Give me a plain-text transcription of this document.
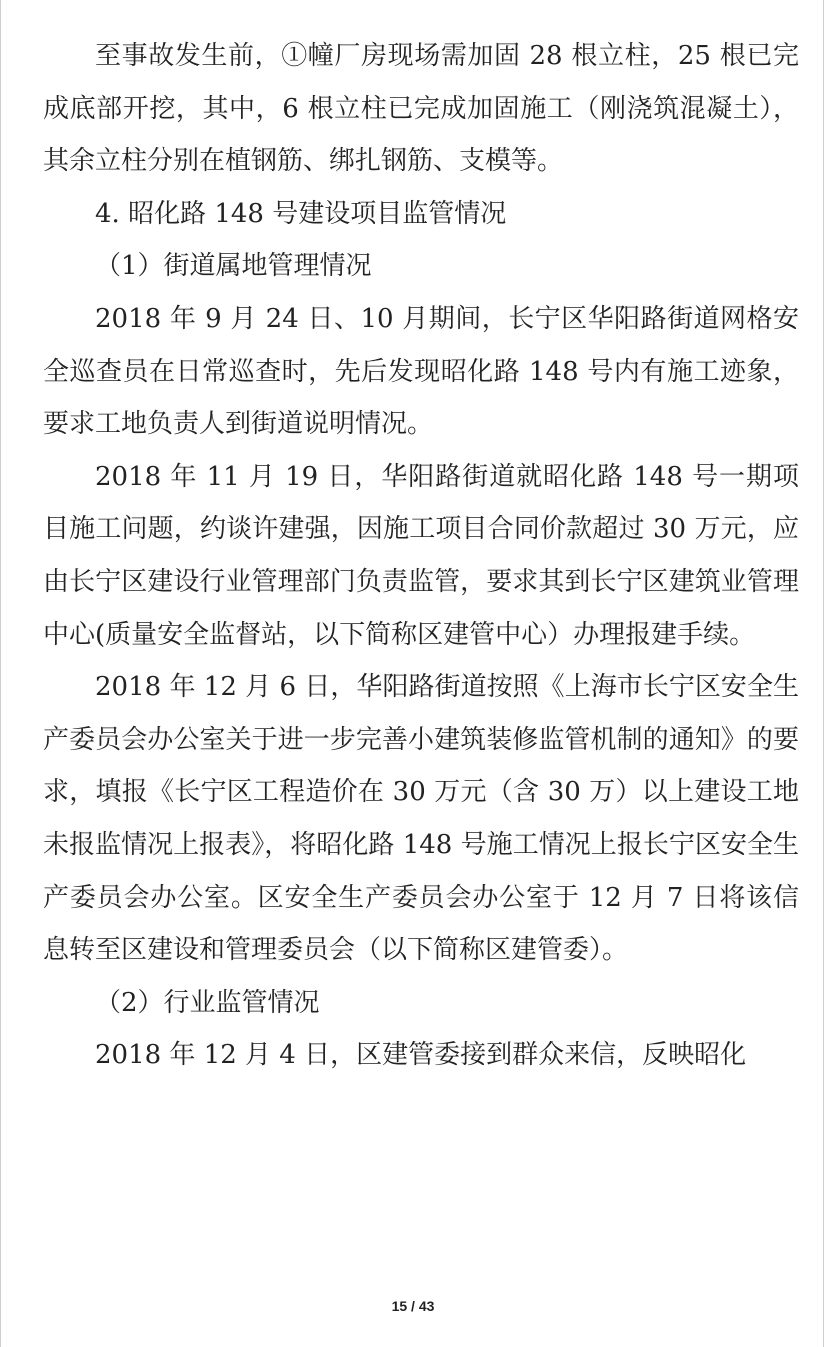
至事故发生前，①幢厂房现场需加固 28 根立柱，25 根已完成底部开挖，其中，6 根立柱已完成加固施工（刚浇筑混凝土），其余立柱分别在植钢筋、绑扎钢筋、支模等。

4. 昭化路 148 号建设项目监管情况

（1）街道属地管理情况

2018 年 9 月 24 日、10 月期间，长宁区华阳路街道网格安全巡查员在日常巡查时，先后发现昭化路 148 号内有施工迹象，要求工地负责人到街道说明情况。

2018 年 11 月 19 日，华阳路街道就昭化路 148 号一期项目施工问题，约谈许建强，因施工项目合同价款超过 30 万元，应由长宁区建设行业管理部门负责监管，要求其到长宁区建筑业管理中心(质量安全监督站，以下简称区建管中心）办理报建手续。

2018 年 12 月 6 日，华阳路街道按照《上海市长宁区安全生产委员会办公室关于进一步完善小建筑装修监管机制的通知》的要求，填报《长宁区工程造价在 30 万元（含 30 万）以上建设工地未报监情况上报表》，将昭化路 148 号施工情况上报长宁区安全生产委员会办公室。区安全生产委员会办公室于 12 月 7 日将该信息转至区建设和管理委员会（以下简称区建管委）。

（2）行业监管情况

2018 年 12 月 4 日，区建管委接到群众来信，反映昭化

15 / 43
